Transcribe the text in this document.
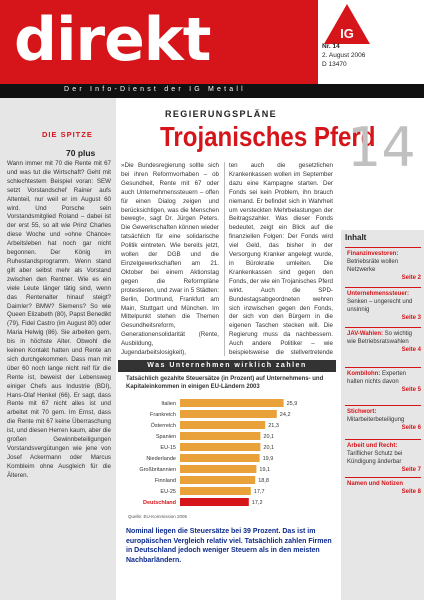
direkt	IG
Nr. 14
2. August 2006
D 13470
Der Info-Dienst der IG Metall
DIE SPITZE
70 plus
Wann immer mit 70 die Rente mit 67 und was tut die Wirtschaft? Geht mit schlechtestem Beispiel voran: SEW setzt Vorstandschef Rainer aufs Altenteil, nur weil er im August 60 wird. Und Porsche sein Vorstandsmitglied Roland – dabei ist der erst 55, so alt wie Prinz Charles diese Woche und »ohne Chance« Arbeitsleben hat noch gar nicht begonnen. Der König im Ruhestandsprogramm. Wenn stand gilt aber selbst mehr als Vorstand zwischen den Rentner. Wie es ein viele Leute länger tätig sind, wenn das Rentenalter hinauf steigt? Daimler? BMW? Siemens? So wie Queen Elizabeth (80), Papst Benedikt (79), Fidel Castro (im August 80) oder Maria Helwig (86). Sie arbeiten gern, bis in höchste Alter. Obwohl die keinen Kontakt hatten und Rente an sich durchgekommen. Dass man mit über 60 noch lange nicht reif für die Rente ist, beweist der Lebensweg einiger Chefs aus Industrie (BDI), Hans-Olaf Henkel (66). Er sagt, dass Rente mit 67 nicht alles ist und arbeitet mit 70 gern. Im Ernst, dass die Rente mit 67 keine Überraschung ist, und diesen Herren kaum, aber die großen Gewinnbeteiligungen Vorstandsvergütungen wie jene von Josef Ackermann oder Marcus Kombleim ohne Ausgleich für die Älteren.
REGIERUNGSPLÄNE
Trojanisches Pferd
14
»Die Bundesregierung sollte sich bei ihren Reformvorhaben – ob Gesundheit, Rente mit 67 oder auch Unternehmenssteuern – offen für einen Dialog zeigen und berücksichtigen, was die Menschen bewegt«, sagt Dr. Jürgen Peters. Die Gewerkschaften können wieder tatsächlich für eine solidarische Politik eintreten. Wie bereits jetzt, wollen der DGB und die Einzelgewerkschaften am 21. Oktober bei einem Aktionstag gegen die Reformpläne protestieren, und zwar in 5 Städten: Berlin, Dortmund, Frankfurt am Main, Stuttgart und München. Im Mittelpunkt stehen die Themen Gesundheitsreform, Generationensolidarität (Rente, Ausbildung, Jugendarbeitslosigkeit),
ten auch die gesetzlichen Krankenkassen wollen im September dazu eine Kampagne starten. Der Fonds sei kein Problem, ihn brauch niemand. Er befindet sich in Wahrheit um versteckten Mehrbelastungen der Beitragszahler. Was dieser Fonds bedeutet, zeigt ein Blick auf die finanziellen Folgen: Der Fonds wird viel Geld, das bisher in der Versorgung Kranker angelegt wurde, in Bürokratie umleiten. Die Krankenkassen sind gegen den Fonds, der wie ein Trojanisches Pferd wirkt. Auch die SPD-Bundestagsabgeordneten wehren sich inzwischen gegen den Fonds, der sich von den Bürgern in die eigenen Taschen stecken will. Die Regierung muss da nachbessern. Auch andere Politiker – wie beispielsweise die stellvertretende
Inhalt
Finanzinvestoren: Betriebsräte wollen Netzwerke
Seite 2
Unternehmenssteuer: Senken – ungerecht und unsinnig
Seite 3
JAV-Wahlen: So wichtig wie Betriebsratswahlen
Seite 4
Kombilohn: Experten halten nichts davon
Seite 5
Stichwort: Mitarbeiterbeteiligung
Seite 6
Arbeit und Recht: Tariflicher Schutz bei Kündigung änderbar
Seite 7
Namen und Notizen
Seite 8
Was Unternehmen wirklich zahlen
Tatsächlich gezahlte Steuersätze (in Prozent) auf Unternehmens- und Kapitaleinkommen in einigen EU-Ländern 2003
Italien	25,9
Frankreich	24,2
Österreich	21,3
Spanien	20,1
EU-15	20,1
Niederlande	19,9
Großbritannien	19,1
Finnland	18,8
EU-25	17,7
Deutschland	17,2
Quelle: EU-Kommission 2006
Nominal liegen die Steuersätze bei 39 Prozent. Das ist im europäischen Vergleich relativ viel. Tatsächlich zahlen Firmen in Deutschland jedoch weniger Steuern als in den meisten Nachbarländern.
